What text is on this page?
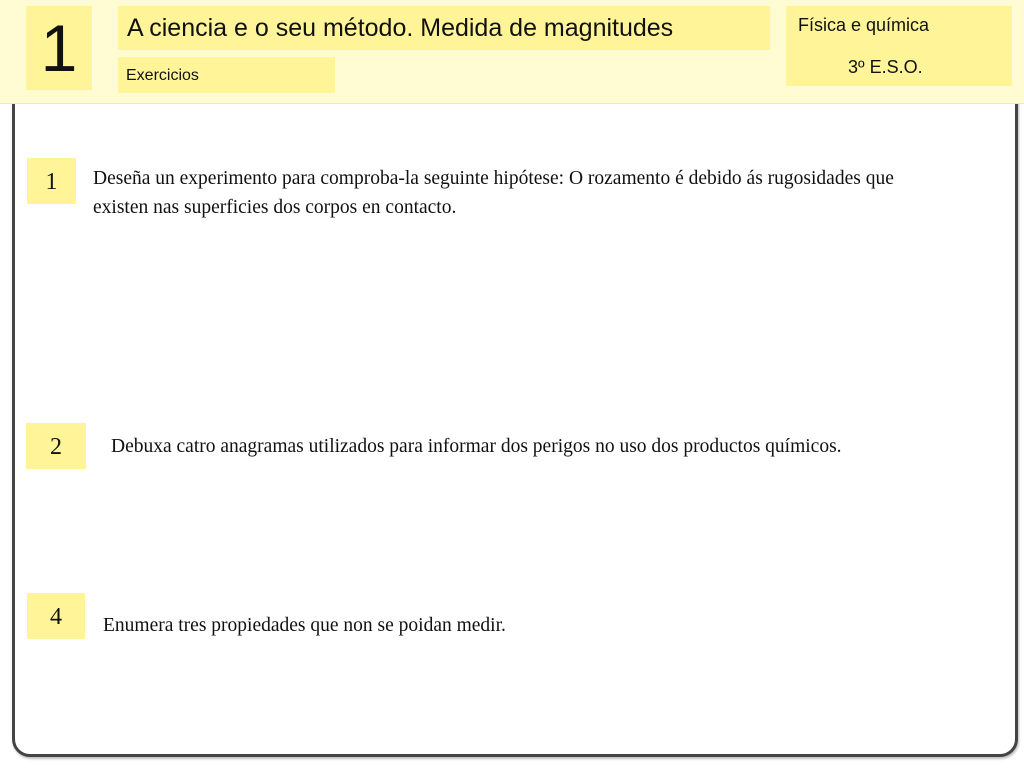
1	A ciencia e o seu método. Medida de magnitudes
Exercicios
Física e química
3º E.S.O.
1	Deseña un experimento para comproba-la seguinte hipótese: O rozamento é debido ás rugosidades que existen nas superficies dos corpos en contacto.
2	Debuxa catro anagramas utilizados para informar dos perigos no uso dos productos químicos.
4	Enumera tres propiedades que non se poidan medir.
